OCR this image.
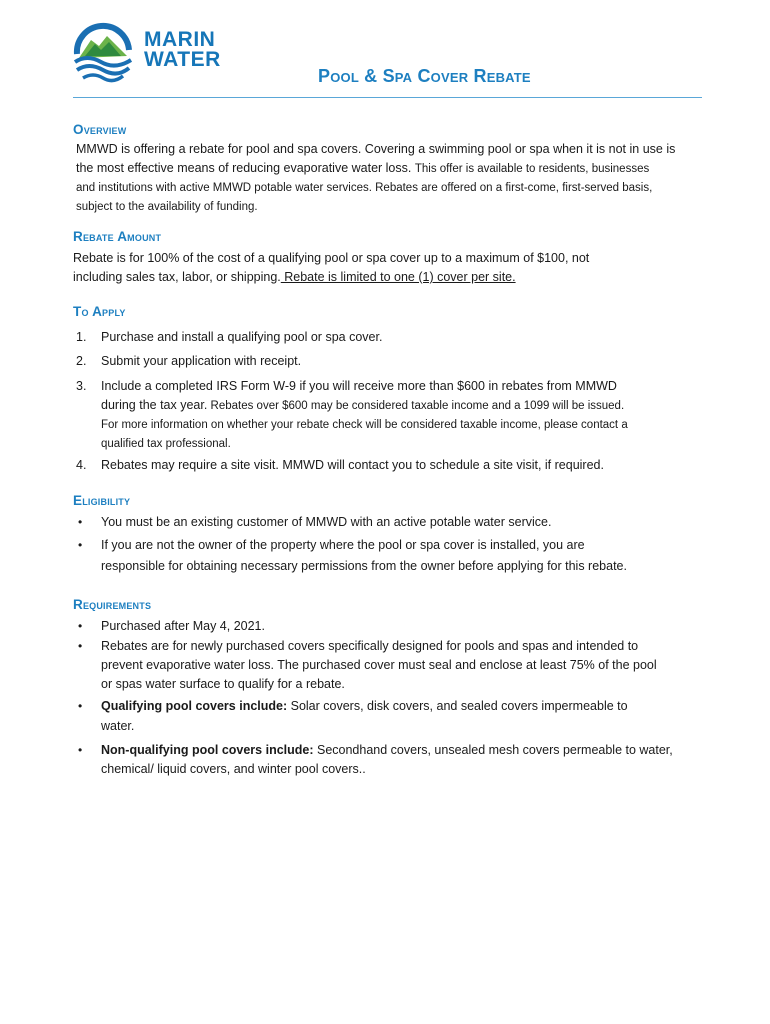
MARIN
WATER
Pool & Spa Cover Rebate
Overview
MMWD is offering a rebate for pool and spa covers. Covering a swimming pool or spa when it is not in use is
the most effective means of reducing evaporative water loss. This offer is available to residents, businesses
and institutions with active MMWD potable water services. Rebates are offered on a first-come, first-served basis,
subject to the availability of funding.
Rebate Amount
Rebate is for 100% of the cost of a qualifying pool or spa cover up to a maximum of $100, not
including sales tax, labor, or shipping. Rebate is limited to one (1) cover per site.
To Apply
1.	Purchase and install a qualifying pool or spa cover.
2.	Submit your application with receipt.
3.	Include a completed IRS Form W-9 if you will receive more than $600 in rebates from MMWD
during the tax year. Rebates over $600 may be considered taxable income and a 1099 will be issued.
For more information on whether your rebate check will be considered taxable income, please contact a
qualified tax professional.
4.	Rebates may require a site visit. MMWD will contact you to schedule a site visit, if required.
Eligibility
• You must be an existing customer of MMWD with an active potable water service.
• If you are not the owner of the property where the pool or spa cover is installed, you are
responsible for obtaining necessary permissions from the owner before applying for this rebate.
Requirements
• Purchased after May 4, 2021.
• Rebates are for newly purchased covers specifically designed for pools and spas and intended to
prevent evaporative water loss. The purchased cover must seal and enclose at least 75% of the pool
or spas water surface to qualify for a rebate.
• Qualifying pool covers include: Solar covers, disk covers, and sealed covers impermeable to
water.
• Non-qualifying pool covers include: Secondhand covers, unsealed mesh covers permeable to water,
chemical/ liquid covers, and winter pool covers..
